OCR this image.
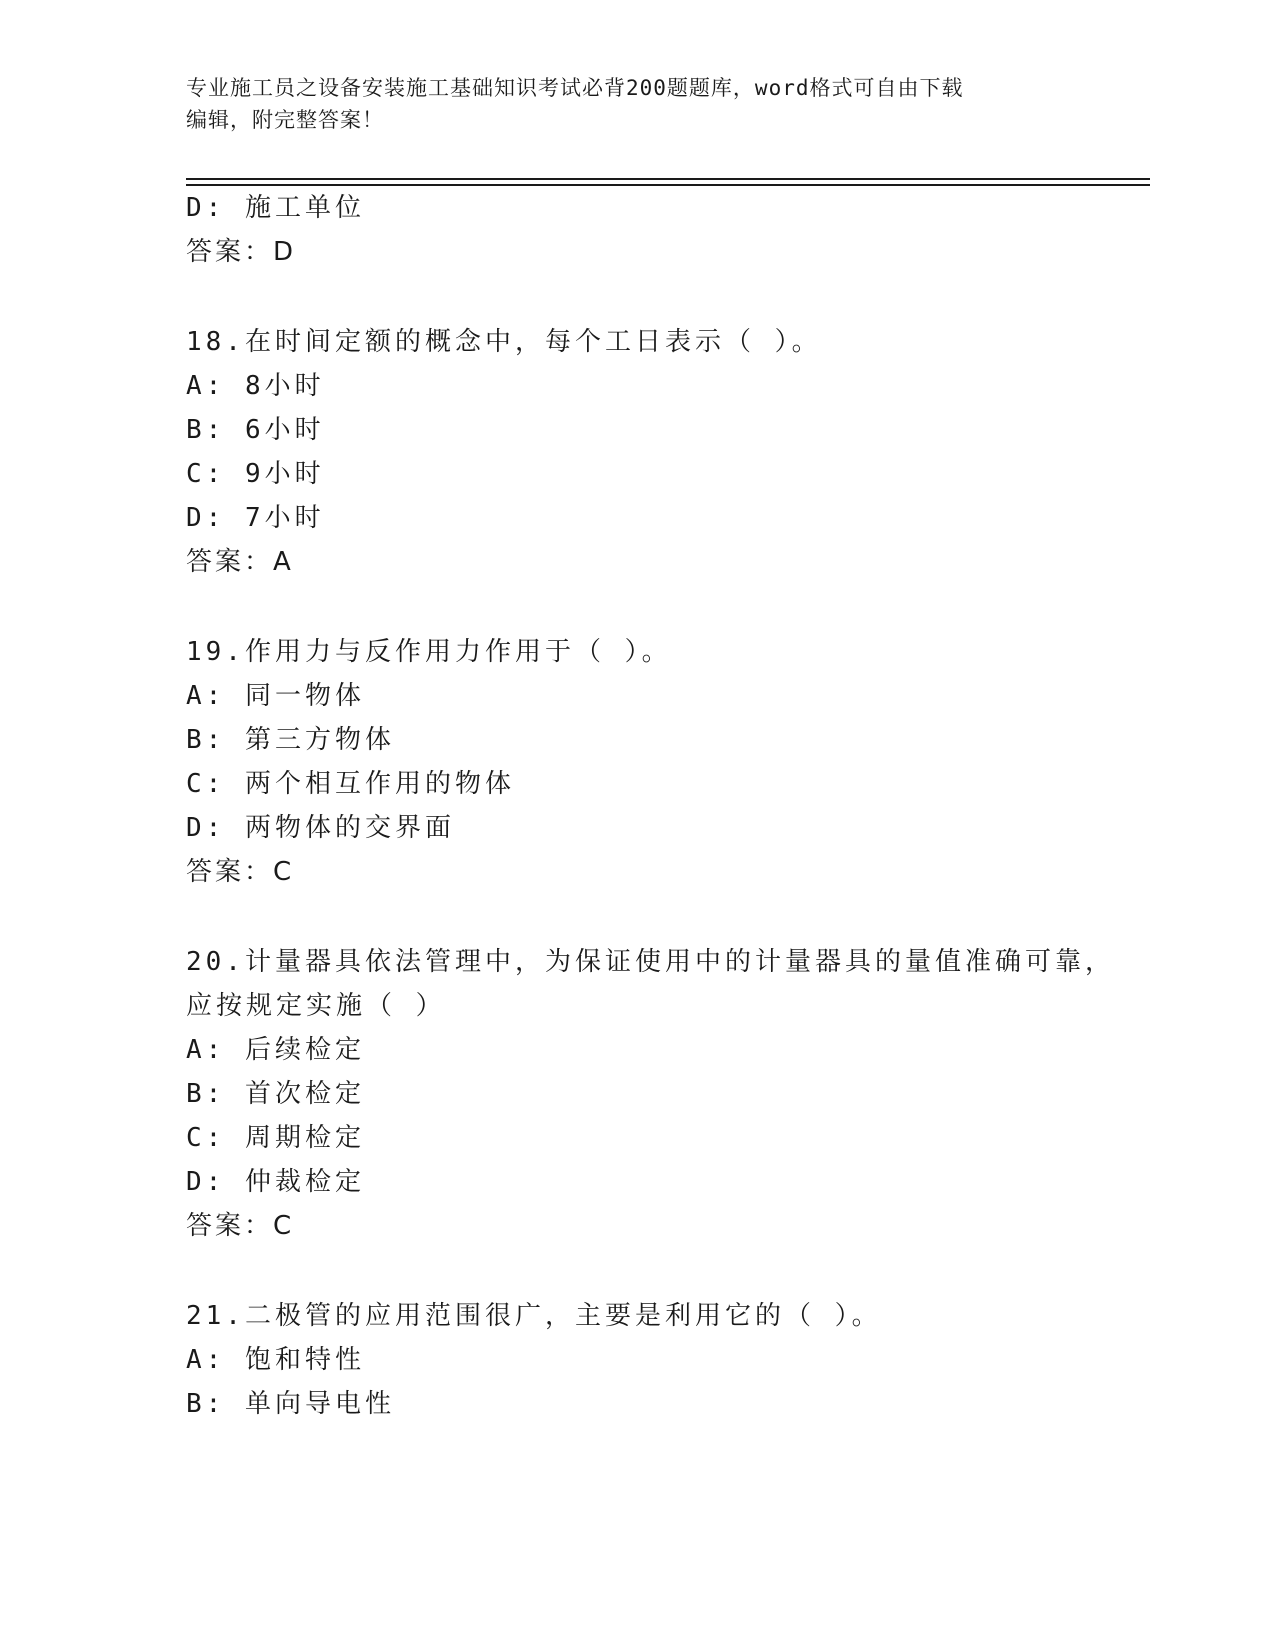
专业施工员之设备安装施工基础知识考试必背200题题库，word格式可自由下载
编辑，附完整答案！
D: 施工单位
答案：D
18.在时间定额的概念中，每个工日表示（ ）。
A: 8小时
B: 6小时
C: 9小时
D: 7小时
答案：A
19.作用力与反作用力作用于（ ）。
A: 同一物体
B: 第三方物体
C: 两个相互作用的物体
D: 两物体的交界面
答案：C
20.计量器具依法管理中，为保证使用中的计量器具的量值准确可靠，
应按规定实施（ ）
A: 后续检定
B: 首次检定
C: 周期检定
D: 仲裁检定
答案：C
21.二极管的应用范围很广，主要是利用它的（ ）。
A: 饱和特性
B: 单向导电性
